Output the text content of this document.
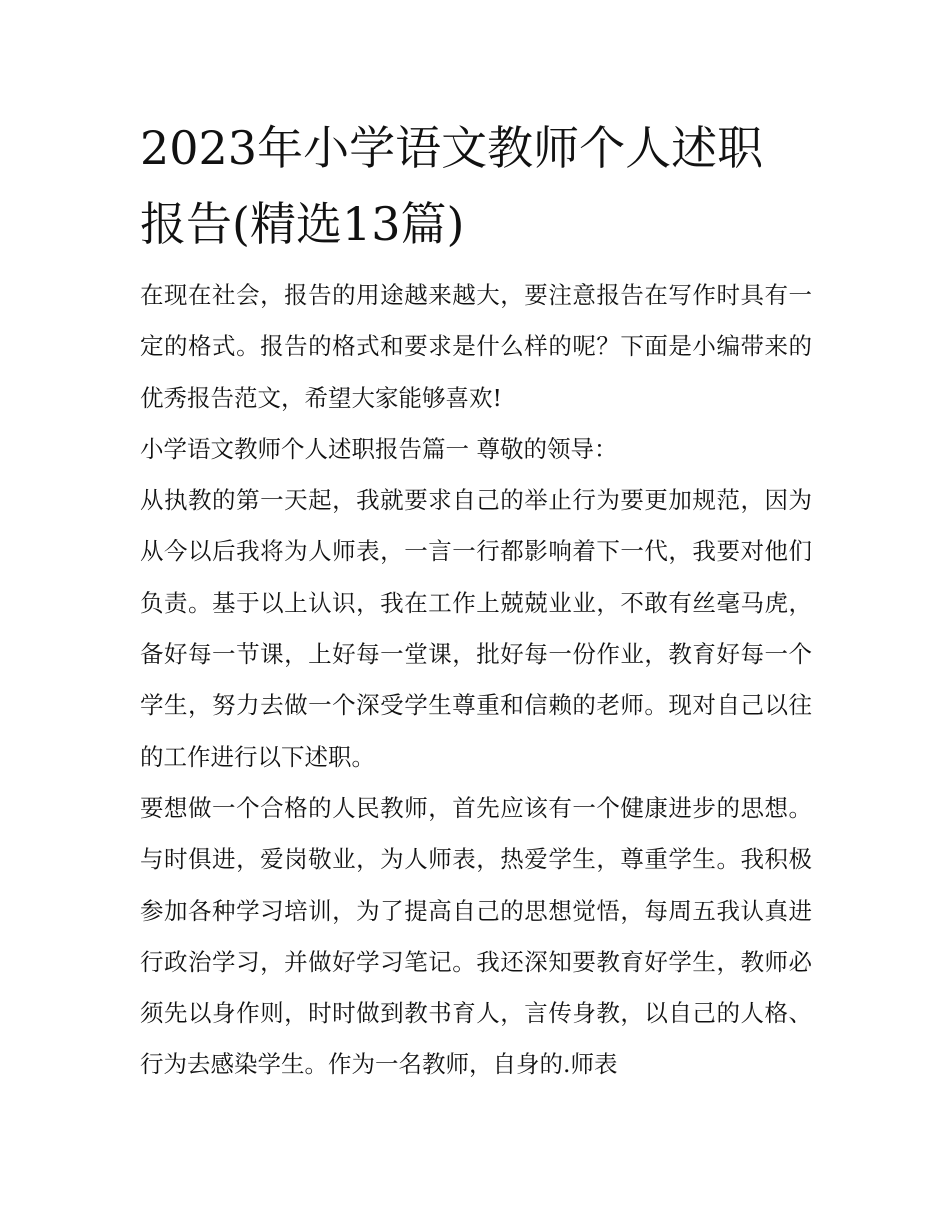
2023年小学语文教师个人述职
报告(精选13篇)

在现在社会，报告的用途越来越大，要注意报告在写作时具有一定的格式。报告的格式和要求是什么样的呢？下面是小编带来的优秀报告范文，希望大家能够喜欢!

小学语文教师个人述职报告篇一 尊敬的领导：

从执教的第一天起，我就要求自己的举止行为要更加规范，因为从今以后我将为人师表，一言一行都影响着下一代，我要对他们负责。基于以上认识，我在工作上兢兢业业，不敢有丝毫马虎，备好每一节课，上好每一堂课，批好每一份作业，教育好每一个学生，努力去做一个深受学生尊重和信赖的老师。现对自己以往的工作进行以下述职。

要想做一个合格的人民教师，首先应该有一个健康进步的思想。与时俱进，爱岗敬业，为人师表，热爱学生，尊重学生。我积极参加各种学习培训，为了提高自己的思想觉悟，每周五我认真进行政治学习，并做好学习笔记。我还深知要教育好学生，教师必须先以身作则，时时做到教书育人，言传身教，以自己的人格、行为去感染学生。作为一名教师，自身的.师表
